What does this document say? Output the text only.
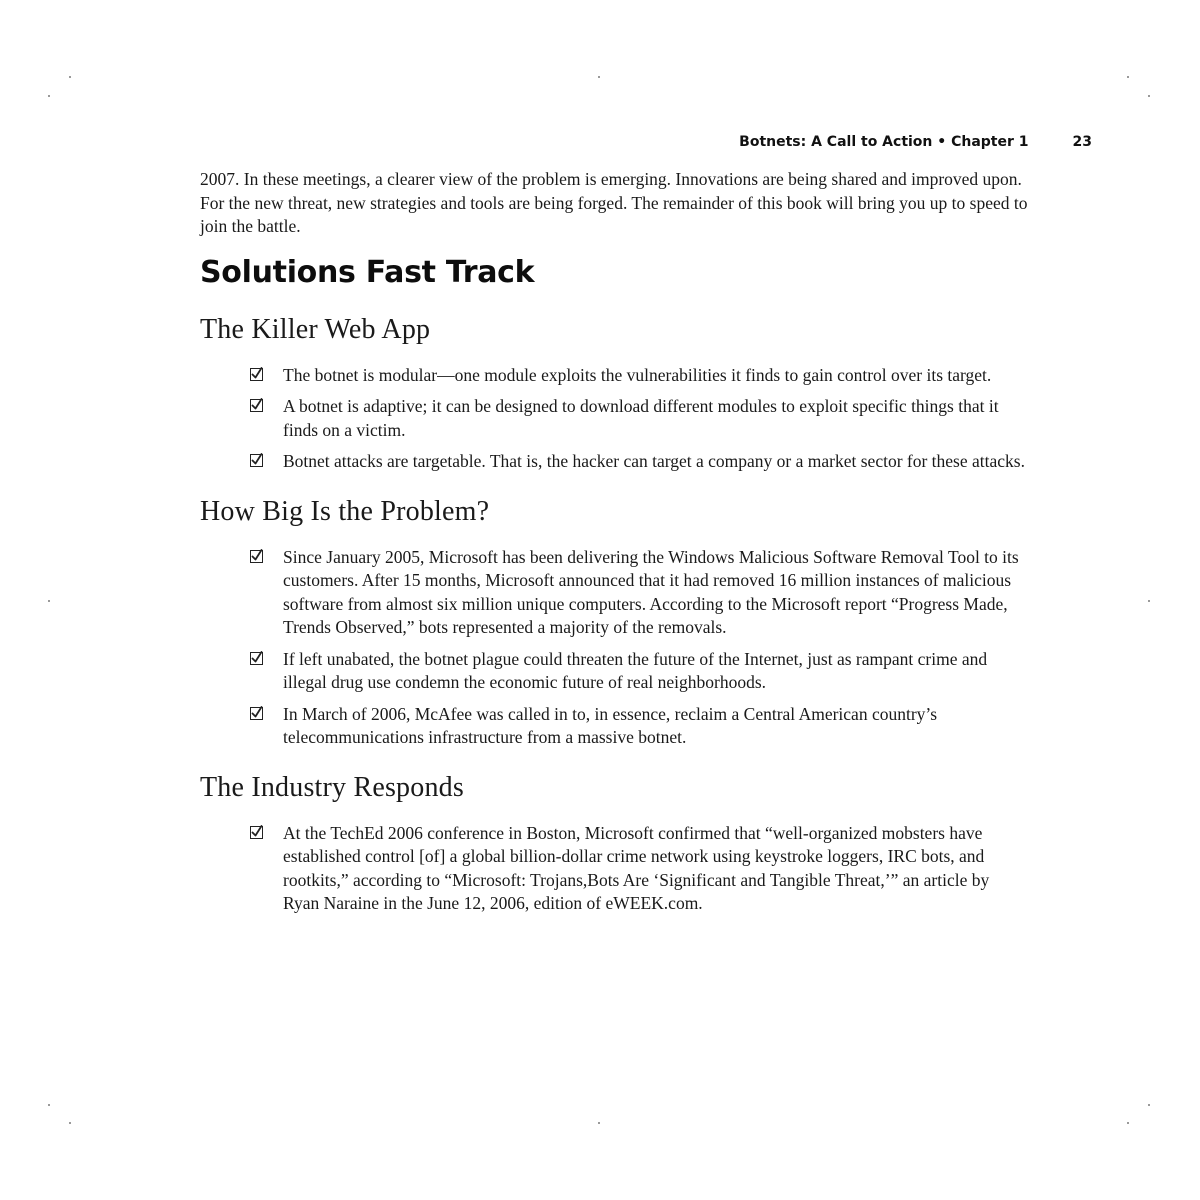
Botnets: A Call to Action • Chapter 1	23

2007. In these meetings, a clearer view of the problem is emerging. Innovations are being shared and improved upon. For the new threat, new strategies and tools are being forged. The remainder of this book will bring you up to speed to join the battle.

Solutions Fast Track
The Killer Web App
The botnet is modular—one module exploits the vulnerabilities it finds to gain control over its target.
A botnet is adaptive; it can be designed to download different modules to exploit specific things that it finds on a victim.
Botnet attacks are targetable. That is, the hacker can target a company or a market sector for these attacks.
How Big Is the Problem?
Since January 2005, Microsoft has been delivering the Windows Malicious Software Removal Tool to its customers. After 15 months, Microsoft announced that it had removed 16 million instances of malicious software from almost six million unique computers. According to the Microsoft report “Progress Made, Trends Observed,” bots represented a majority of the removals.
If left unabated, the botnet plague could threaten the future of the Internet, just as rampant crime and illegal drug use condemn the economic future of real neighborhoods.
In March of 2006, McAfee was called in to, in essence, reclaim a Central American country’s telecommunications infrastructure from a massive botnet.
The Industry Responds
At the TechEd 2006 conference in Boston, Microsoft confirmed that “well-organized mobsters have established control [of] a global billion-dollar crime network using keystroke loggers, IRC bots, and rootkits,” according to “Microsoft: Trojans,Bots Are ‘Significant and Tangible Threat,’” an article by Ryan Naraine in the June 12, 2006, edition of eWEEK.com.
